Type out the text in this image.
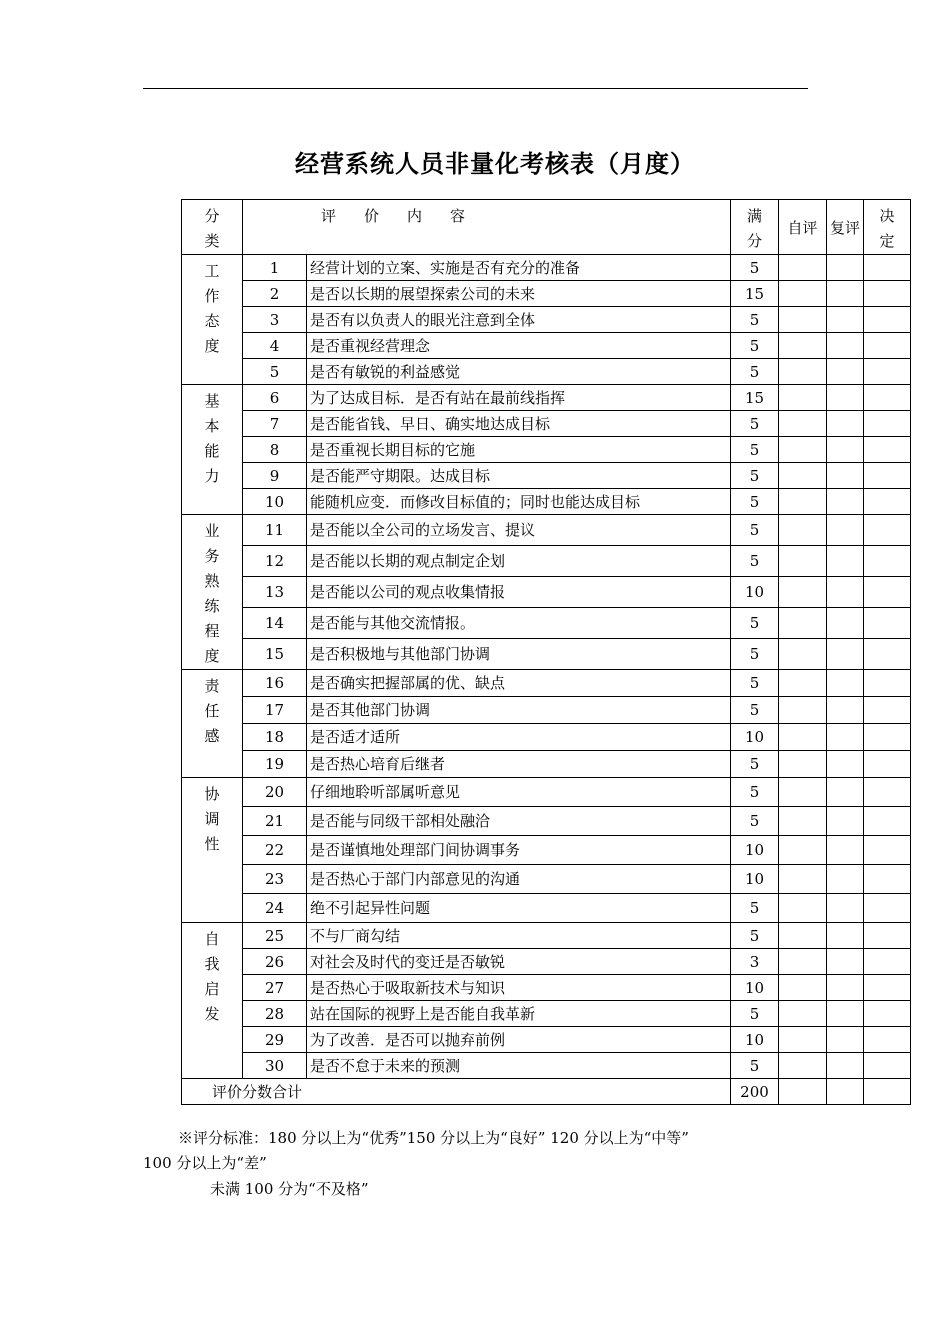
经营系统人员非量化考核表（月度）
分类	评价内容		满分	自评	复评	决定
工作态度	1	经营计划的立案、实施是否有充分的准备	5			
	2	是否以长期的展望探索公司的未来	15			
	3	是否有以负责人的眼光注意到全体	5			
	4	是否重视经营理念	5			
	5	是否有敏锐的利益感觉	5			
基本能力	6	为了达成目标．是否有站在最前线指挥	15			
	7	是否能省钱、早日、确实地达成目标	5			
	8	是否重视长期目标的它施	5			
	9	是否能严守期限。达成目标	5			
	10	能随机应变．而修改目标值的；同时也能达成目标	5			
业务熟练程度	11	是否能以全公司的立场发言、提议	5			
	12	是否能以长期的观点制定企划	5			
	13	是否能以公司的观点收集情报	10			
	14	是否能与其他交流情报。	5			
	15	是否积极地与其他部门协调	5			
责任感	16	是否确实把握部属的优、缺点	5			
	17	是否其他部门协调	5			
	18	是否适才适所	10			
	19	是否热心培育后继者	5			
协调性	20	仔细地聆听部属听意见	5			
	21	是否能与同级干部相处融洽	5			
	22	是否谨慎地处理部门间协调事务	10			
	23	是否热心于部门内部意见的沟通	10			
	24	绝不引起异性问题	5			
自我启发	25	不与厂商勾结	5			
	26	对社会及时代的变迁是否敏锐	3			
	27	是否热心于吸取新技术与知识	10			
	28	站在国际的视野上是否能自我革新	5			
	29	为了改善．是否可以抛弃前例	10			
	30	是否不怠于未来的预测	5			
评价分数合计			200			
※评分标准：180 分以上为“优秀”150 分以上为“良好” 120 分以上为“中等”
100 分以上为“差”
未满 100 分为“不及格”
